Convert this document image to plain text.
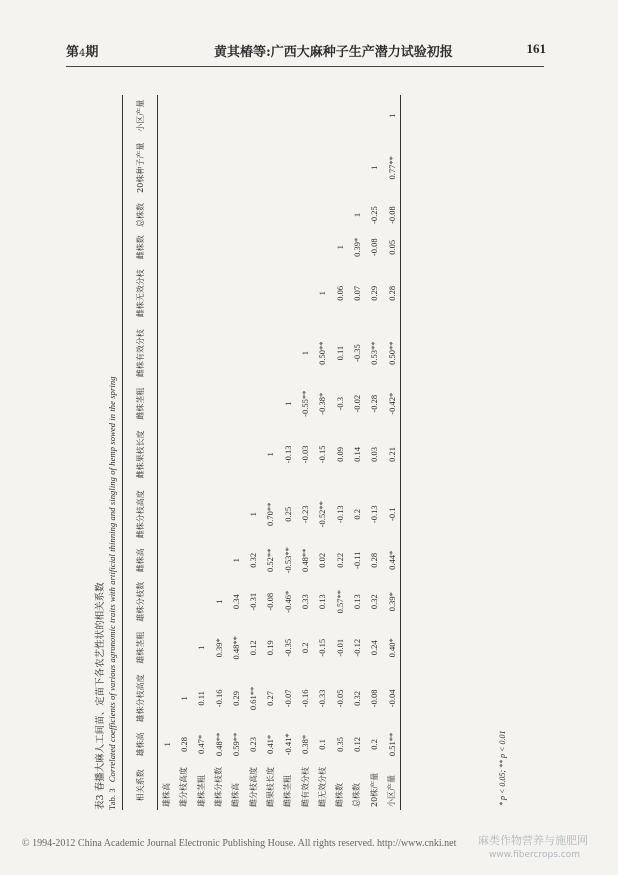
第4期	黄其椿等:广西大麻种子生产潜力试验初报	161
表3 春播大麻人工间苗、定苗下各农艺性状的相关系数 Tab. 3Correlated coefficients of various agronomic traits with artificial thinning and singling of hemp sowed in the spring
相关系数	雄株高	雄株分枝高度	雄株茎粗	雄株分枝数	雌株高	雌株分枝高度	雌株果枝长度	雌株茎粗	雌株有效分枝	雌株无效分枝	雌株数	总株数	20株种子产量	小区产量
雄株高	1													
雄分枝高度	0.28	1												
雄株茎粗	0.47*	0.11	1											
雄株分枝数	0.48**	-0.16	0.39*	1										
雌株高	0.59**	0.29	0.48**	0.34	1									
雌分枝高度	0.23	0.61**	0.12	-0.31	0.32	1								
雌果枝长度	0.41*	0.27	0.19	-0.08	0.52**	0.70**	1							
雌株茎粗	-0.41*	-0.07	-0.35	-0.46*	-0.53**	0.25	-0.13	1						
雌有效分枝	0.38*	-0.16	0.2	0.33	0.48**	-0.23	-0.03	-0.55**	1					
雌无效分枝	0.1	-0.33	-0.15	0.13	0.02	-0.52**	-0.15	-0.38*	0.50**	1				
雌株数	0.35	-0.05	-0.01	0.57**	0.22	-0.13	0.09	-0.3	0.11	0.06	1			
总株数	0.12	0.32	-0.12	0.13	-0.11	0.2	0.14	-0.02	-0.35	0.07	0.39*	1		
20株产量	0.2	-0.08	0.24	0.32	0.28	-0.13	0.03	-0.28	0.53**	0.29	-0.08	-0.25	1	
小区产量	0.51**	-0.04	0.40*	0.39*	0.44*	-0.1	0.21	-0.42*	0.50**	0.28	0.05	-0.08	0.77**	1
* p < 0.05; ** p < 0.01
© 1994-2012 China Academic Journal Electronic Publishing House. All rights reserved. http://www.cnki.net 麻类作物营养与施肥网
www.fibercrops.com
